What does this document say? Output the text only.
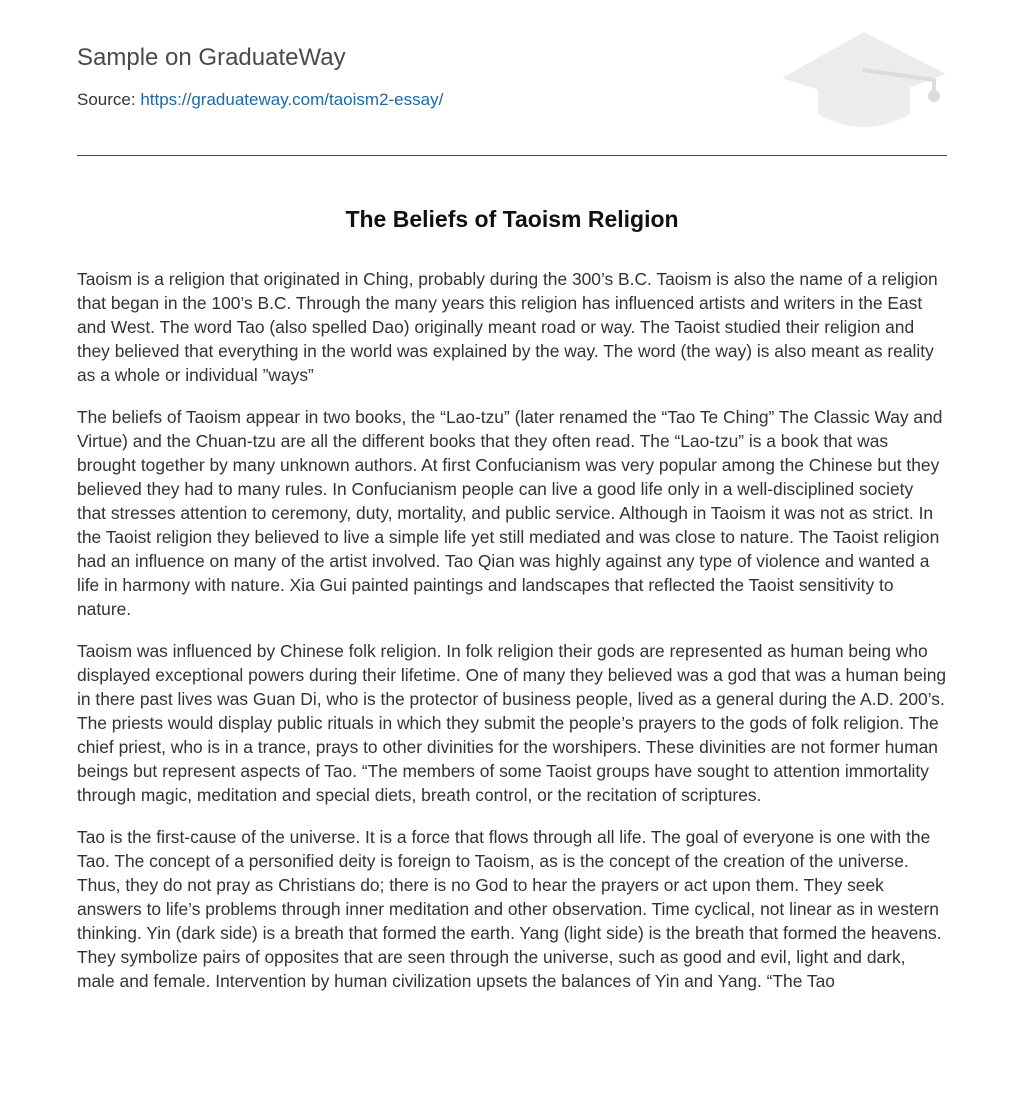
Sample on GraduateWay
Source: https://graduateway.com/taoism2-essay/
The Beliefs of Taoism Religion

Taoism is a religion that originated in Ching, probably during the 300’s B.C. Taoism is also the name of a religion that began in the 100’s B.C. Through the many years this religion has influenced artists and writers in the East and West. The word Tao (also spelled Dao) originally meant road or way. The Taoist studied their religion and they believed that everything in the world was explained by the way. The word (the way) is also meant as reality as a whole or individual ”ways”

The beliefs of Taoism appear in two books, the “Lao-tzu” (later renamed the “Tao Te Ching” The Classic Way and Virtue) and the Chuan-tzu are all the different books that they often read. The “Lao-tzu” is a book that was brought together by many unknown authors. At first Confucianism was very popular among the Chinese but they believed they had to many rules. In Confucianism people can live a good life only in a well-disciplined society that stresses attention to ceremony, duty, mortality, and public service. Although in Taoism it was not as strict. In the Taoist religion they believed to live a simple life yet still mediated and was close to nature. The Taoist religion had an influence on many of the artist involved. Tao Qian was highly against any type of violence and wanted a life in harmony with nature. Xia Gui painted paintings and landscapes that reflected the Taoist sensitivity to nature.

Taoism was influenced by Chinese folk religion. In folk religion their gods are represented as human being who displayed exceptional powers during their lifetime. One of many they believed was a god that was a human being in there past lives was Guan Di, who is the protector of business people, lived as a general during the A.D. 200’s. The priests would display public rituals in which they submit the people’s prayers to the gods of folk religion. The chief priest, who is in a trance, prays to other divinities for the worshipers. These divinities are not former human beings but represent aspects of Tao. “The members of some Taoist groups have sought to attention immortality through magic, meditation and special diets, breath control, or the recitation of scriptures.

Tao is the first-cause of the universe. It is a force that flows through all life. The goal of everyone is one with the Tao. The concept of a personified deity is foreign to Taoism, as is the concept of the creation of the universe. Thus, they do not pray as Christians do; there is no God to hear the prayers or act upon them. They seek answers to life’s problems through inner meditation and other observation. Time cyclical, not linear as in western thinking. Yin (dark side) is a breath that formed the earth. Yang (light side) is the breath that formed the heavens. They symbolize pairs of opposites that are seen through the universe, such as good and evil, light and dark, male and female. Intervention by human civilization upsets the balances of Yin and Yang. “The Tao
